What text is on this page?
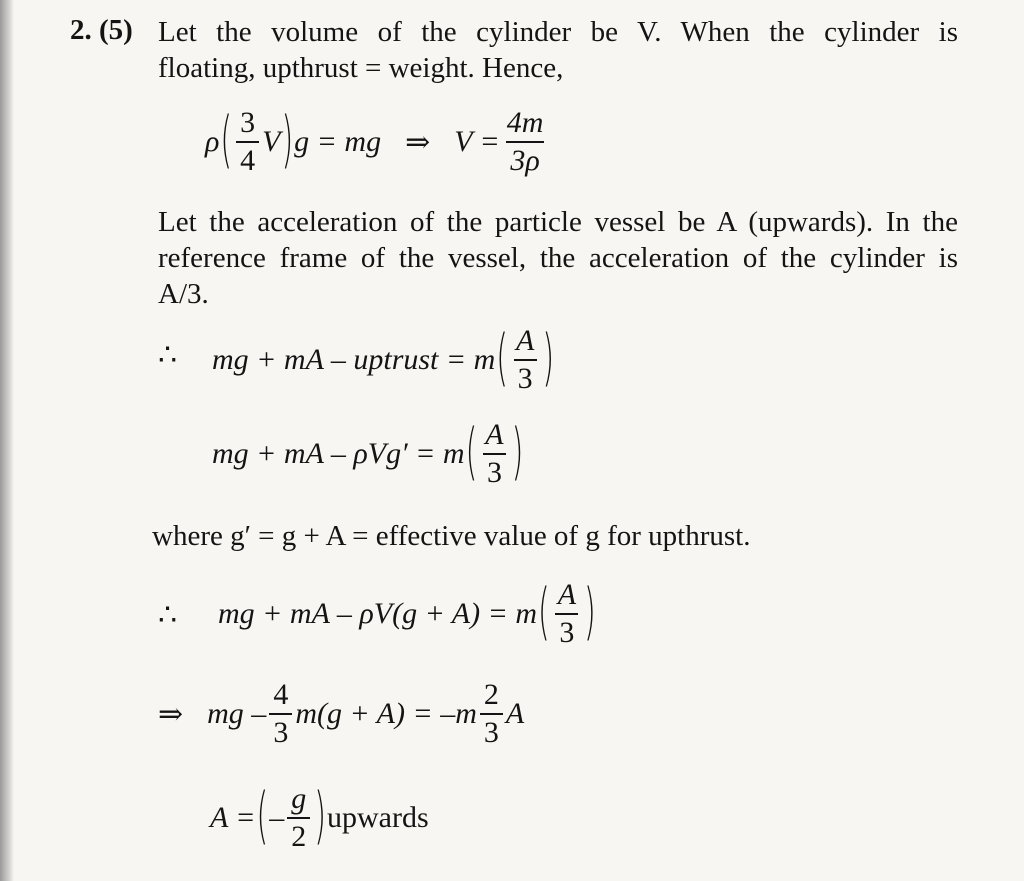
2. (5) Let the volume of the cylinder be V. When the cylinder is
floating, upthrust = weight. Hence,
ρ ( $\frac{3}{4}$ V ) g = mg ⇒ $V = \frac{4m}{3\rho}$
Let the acceleration of the particle vessel be A (upwards). In the
reference frame of the vessel, the acceleration of the cylinder is
A/3.
∴ mg + mA – uptrust = m ( $\frac{A}{3}$ )
mg + mA – ρVg′ = m ( $\frac{A}{3}$ )
where g′ = g + A = effective value of g for upthrust.
∴ mg + mA – ρV(g + A) = m ( $\frac{A}{3}$ )
⇒ mg – $\frac{4}{3} m(g + A) = -m \frac{2}{3}$ A
A = ( – $\frac{g}{2}$ ) upwards
